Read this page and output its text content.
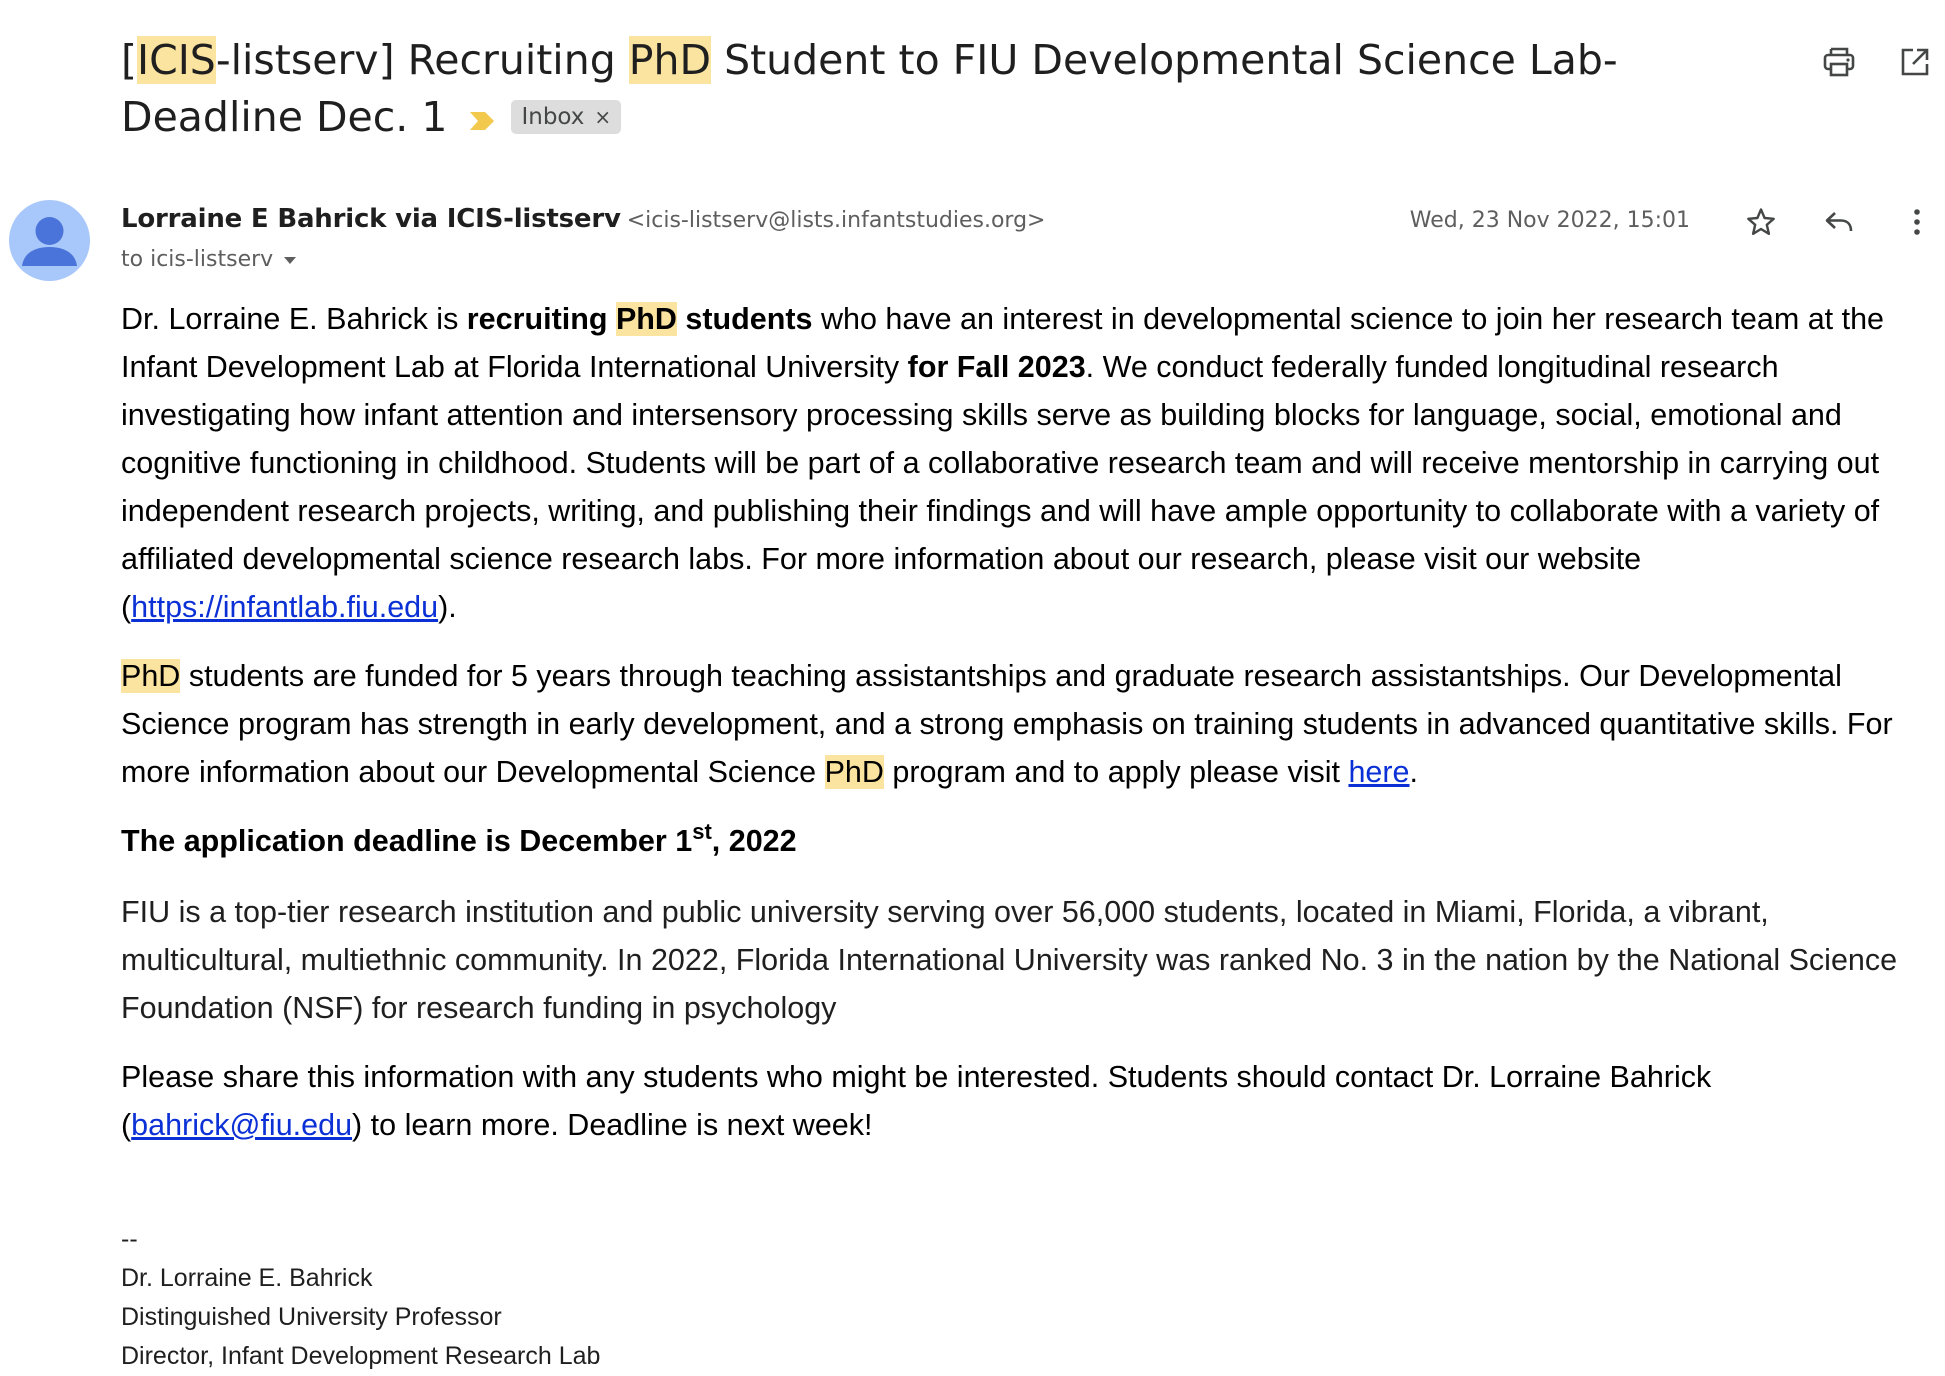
[ICIS-listserv] Recruiting PhD Student to FIU Developmental Science Lab- Deadline Dec. 1	Inbox ×
Lorraine E Bahrick via ICIS-listserv <icis-listserv@lists.infantstudies.org>
to icis-listserv
Wed, 23 Nov 2022, 15:01

Dr. Lorraine E. Bahrick is recruiting PhD students who have an interest in developmental science to join her research team at the Infant Development Lab at Florida International University for Fall 2023. We conduct federally funded longitudinal research investigating how infant attention and intersensory processing skills serve as building blocks for language, social, emotional and cognitive functioning in childhood. Students will be part of a collaborative research team and will receive mentorship in carrying out independent research projects, writing, and publishing their findings and will have ample opportunity to collaborate with a variety of affiliated developmental science research labs. For more information about our research, please visit our website (https://infantlab.fiu.edu).

PhD students are funded for 5 years through teaching assistantships and graduate research assistantships. Our Developmental Science program has strength in early development, and a strong emphasis on training students in advanced quantitative skills. For more information about our Developmental Science PhD program and to apply please visit here.

The application deadline is December 1st, 2022

FIU is a top-tier research institution and public university serving over 56,000 students, located in Miami, Florida, a vibrant, multicultural, multiethnic community. In 2022, Florida International University was ranked No. 3 in the nation by the National Science Foundation (NSF) for research funding in psychology

Please share this information with any students who might be interested. Students should contact Dr. Lorraine Bahrick (bahrick@fiu.edu) to learn more. Deadline is next week!

--
Dr. Lorraine E. Bahrick
Distinguished University Professor
Director, Infant Development Research Lab
